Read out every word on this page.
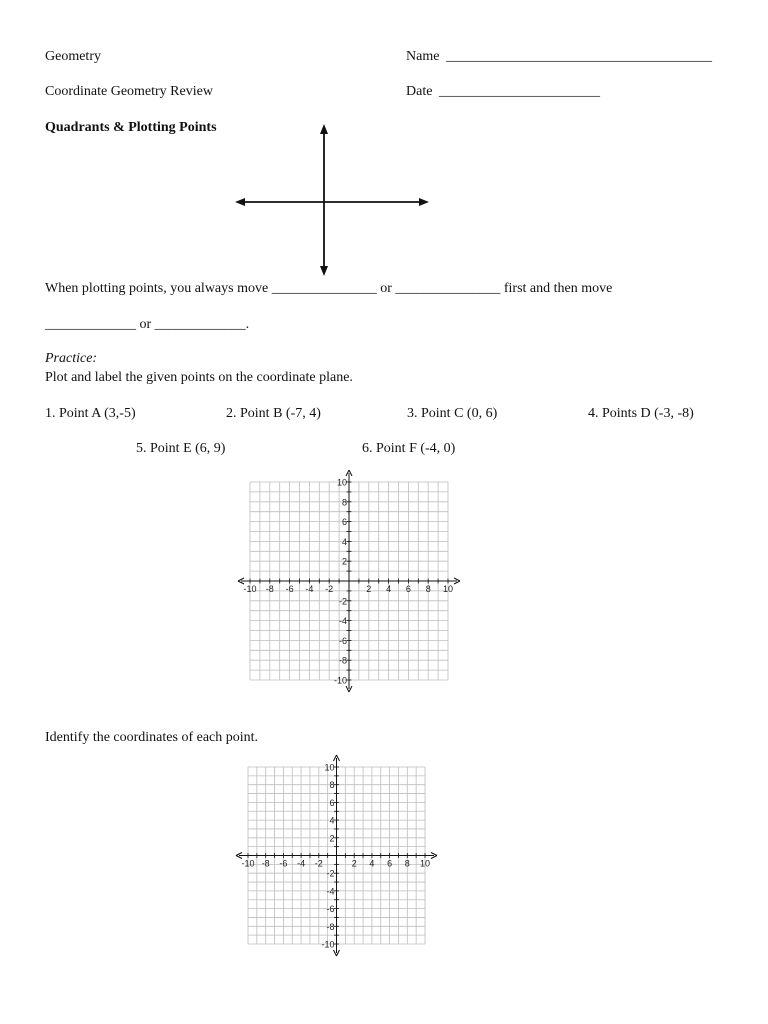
Geometry	Name ______________________________________
Coordinate Geometry Review	Date _______________________
Quadrants & Plotting Points
When plotting points, you always move _______________ or _______________ first and then move
_____________ or _____________.
Practice:
Plot and label the given points on the coordinate plane.
1. Point A (3,-5)	2. Point B (-7, 4)	3. Point C (0, 6)	4. Points D (-3, -8)
5. Point E (6, 9)	6. Point F (-4, 0)
-10 -8 -6 -4 -2	2 4 6 8 10
10
8
6
4
2
-2
-4
-6
-8
-10
Identify the coordinates of each point.
-10 -8 -6 -4 -2	2 4 6 8 10
10
8
6
4
2
-2
-4
-6
-8
-10
